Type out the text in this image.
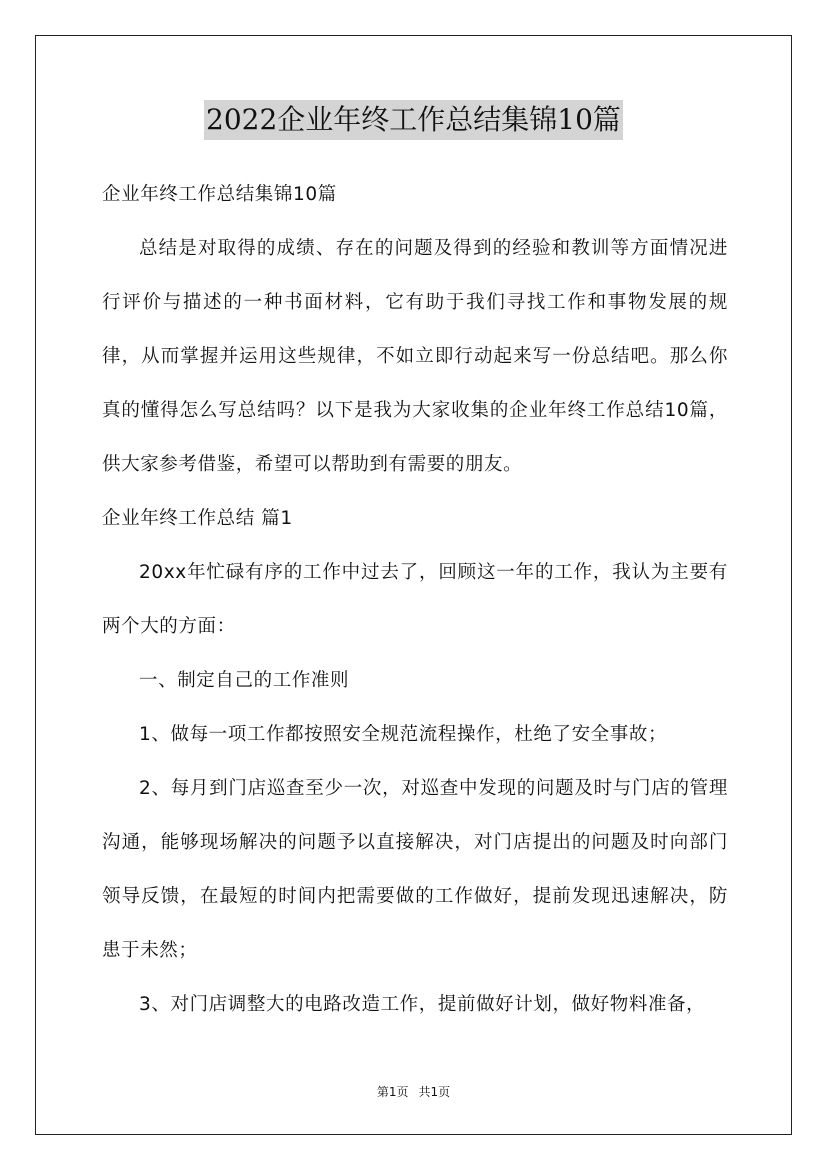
2022企业年终工作总结集锦10篇

企业年终工作总结集锦10篇

总结是对取得的成绩、存在的问题及得到的经验和教训等方面情况进行评价与描述的一种书面材料，它有助于我们寻找工作和事物发展的规律，从而掌握并运用这些规律，不如立即行动起来写一份总结吧。那么你真的懂得怎么写总结吗？以下是我为大家收集的企业年终工作总结10篇，供大家参考借鉴，希望可以帮助到有需要的朋友。

企业年终工作总结 篇1

20xx年忙碌有序的工作中过去了，回顾这一年的工作，我认为主要有两个大的方面：

一、制定自己的工作准则

1、做每一项工作都按照安全规范流程操作，杜绝了安全事故；

2、每月到门店巡查至少一次，对巡查中发现的问题及时与门店的管理沟通，能够现场解决的问题予以直接解决，对门店提出的问题及时向部门领导反馈，在最短的时间内把需要做的工作做好，提前发现迅速解决，防患于未然；

3、对门店调整大的电路改造工作，提前做好计划，做好物料准备，

第1页 共1页
